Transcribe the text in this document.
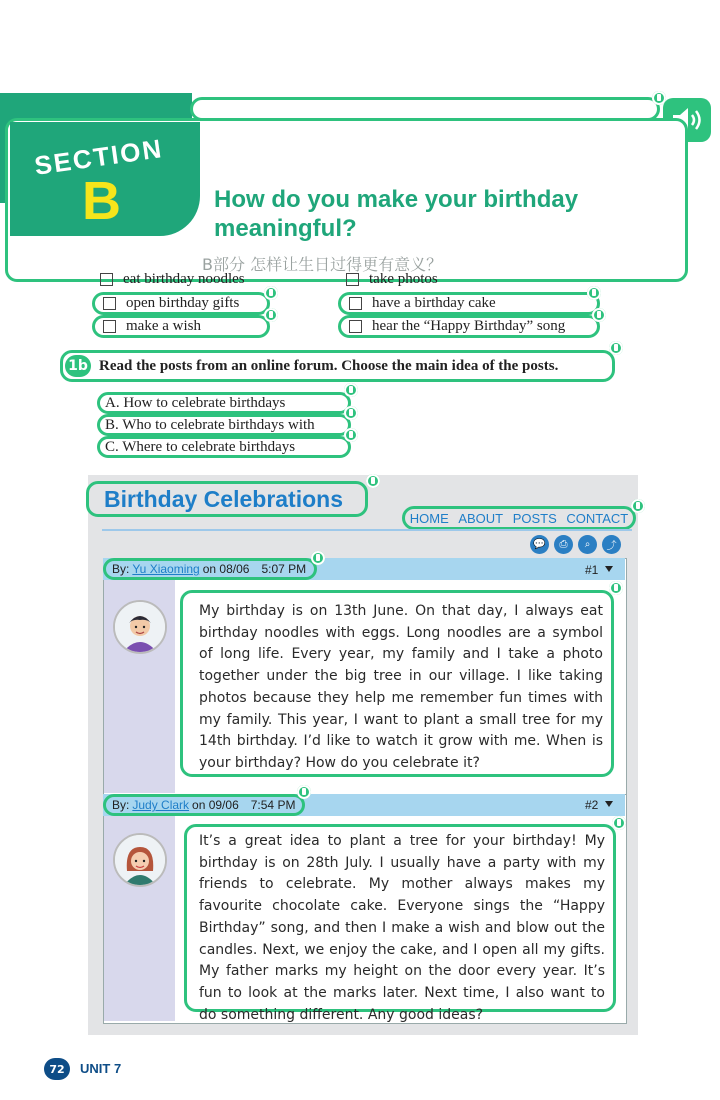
SECTION
B	How do you make your birthday meaningful?
B部分 怎样让生日过得更有意义？
eat birthday noodles	take photos
open birthday gifts
make a wish
have a birthday cake
hear the “Happy Birthday” song
1b Read the posts from an online forum. Choose the main idea of the posts.
A. How to celebrate birthdays
B. Who to celebrate birthdays with
C. Where to celebrate birthdays
Birthday Celebrations
HOME ABOUT POSTS CONTACT
💬	⎙	⌕	⤴
By: Yu Xiaoming on 08/06 5:07 PM	#1
My birthday is on 13th June. On that day, I always eat birthday noodles with eggs. Long noodles are a symbol of long life. Every year, my family and I take a photo together under the big tree in our village. I like taking photos because they help me remember fun times with my family. This year, I want to plant a small tree for my 14th birthday. I’d like to watch it grow with me. When is your birthday? How do you celebrate it?
By: Judy Clark on 09/06 7:54 PM	#2
It’s a great idea to plant a tree for your birthday! My birthday is on 28th July. I usually have a party with my friends to celebrate. My mother always makes my favourite chocolate cake. Everyone sings the “Happy Birthday” song, and then I make a wish and blow out the candles. Next, we enjoy the cake, and I open all my gifts. My father marks my height on the door every year. It’s fun to look at the marks later. Next time, I also want to do something different. Any good ideas?
72	UNIT 7
